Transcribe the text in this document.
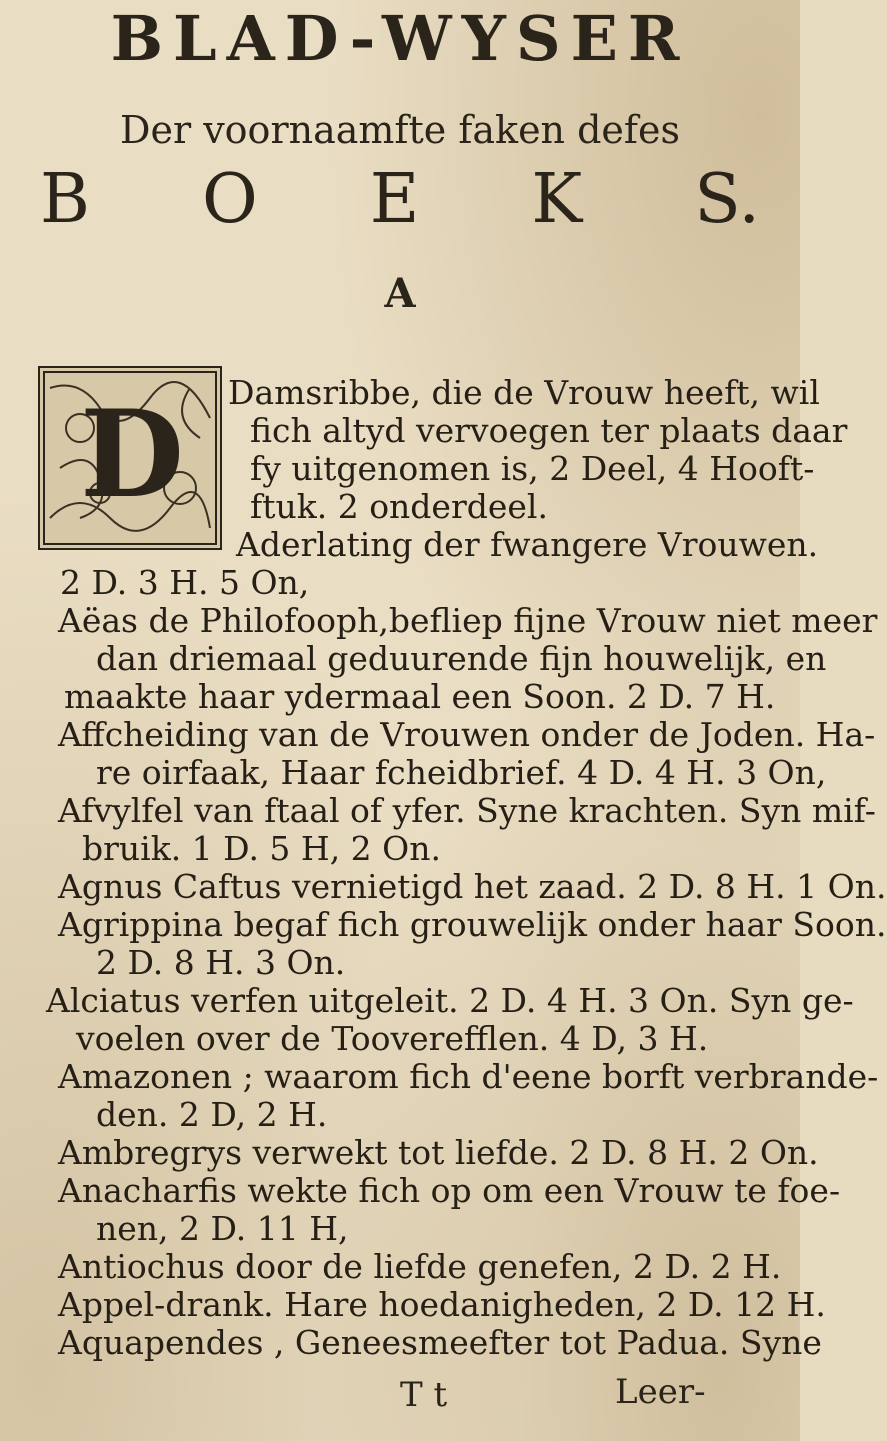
BLAD-WYSER
Der voornaamfte faken defes
B O E K S.
A
D Damsribbe, die de Vrouw heeft, wil
fich altyd vervoegen ter plaats daar
fy uitgenomen is, 2 Deel, 4 Hooft-
ftuk. 2 onderdeel.
Aderlating der fwangere Vrouwen.
2 D. 3 H. 5 On,
Aëas de Philofooph,befliep fijne Vrouw niet meer
dan driemaal geduurende fijn houwelijk, en
maakte haar ydermaal een Soon. 2 D. 7 H.
Affcheiding van de Vrouwen onder de Joden. Ha-
re oirfaak, Haar fcheidbrief. 4 D. 4 H. 3 On,
Afvylfel van ftaal of yfer. Syne krachten. Syn mif-
bruik. 1 D. 5 H, 2 On.
Agnus Caftus vernietigd het zaad. 2 D. 8 H. 1 On.
Agrippina begaf fich grouwelijk onder haar Soon.
2 D. 8 H. 3 On.
Alciatus verfen uitgeleit. 2 D. 4 H. 3 On. Syn ge-
voelen over de Tooverefflen. 4 D, 3 H.
Amazonen ; waarom fich d'eene borft verbrande-
den. 2 D, 2 H.
Ambregrys verwekt tot liefde. 2 D. 8 H. 2 On.
Anacharfis wekte fich op om een Vrouw te foe-
nen, 2 D. 11 H,
Antiochus door de liefde genefen, 2 D. 2 H.
Appel-drank. Hare hoedanigheden, 2 D. 12 H.
Aquapendes , Geneesmeefter tot Padua. Syne
T t	Leer-
